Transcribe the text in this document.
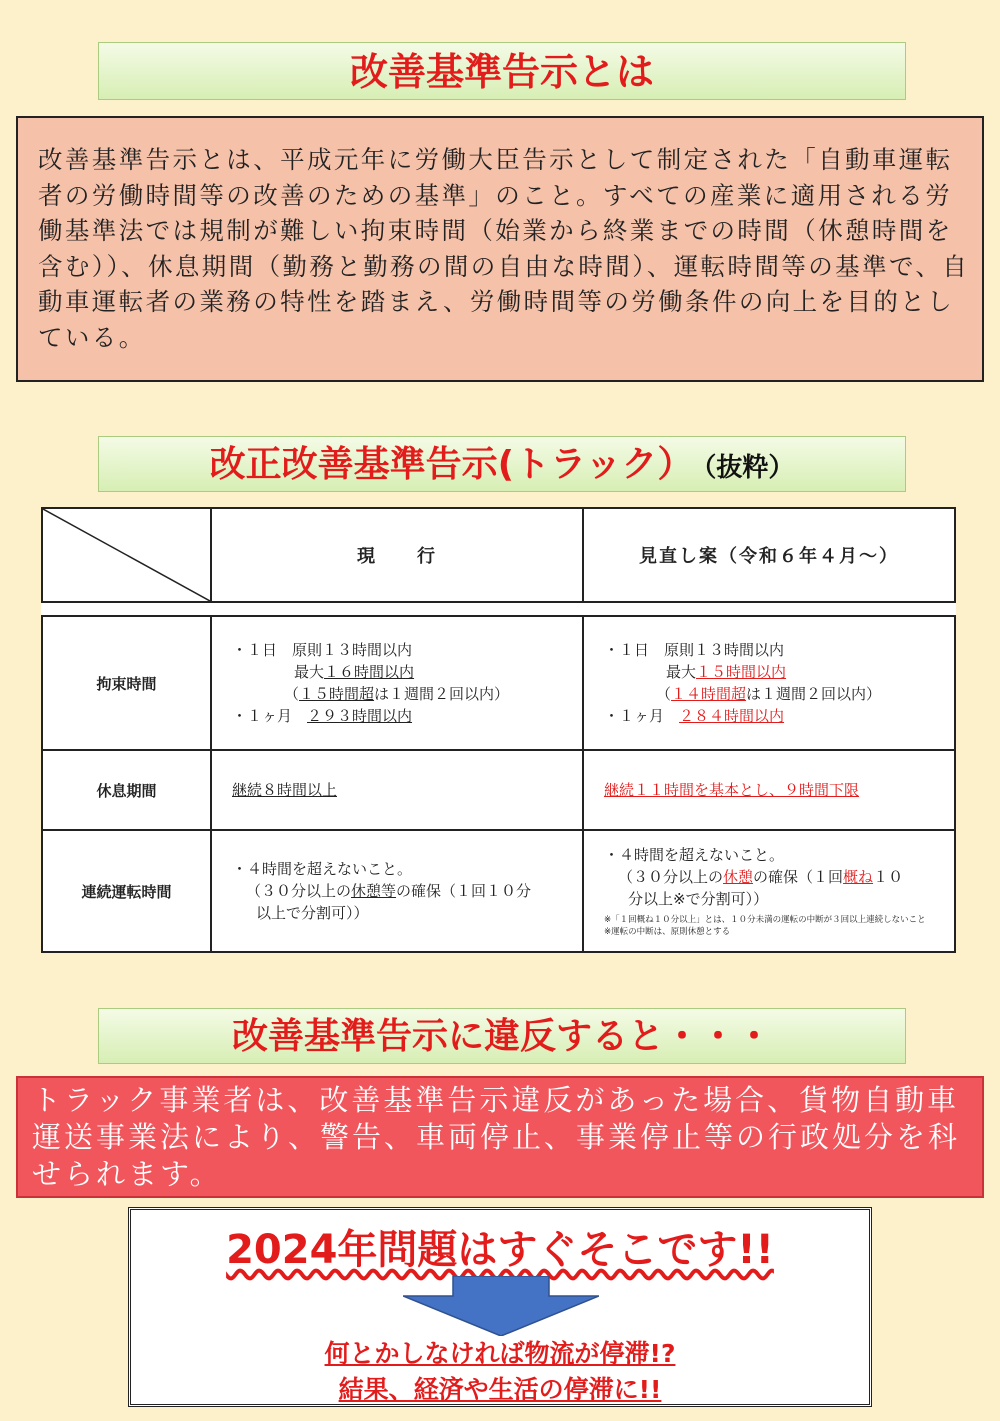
改善基準告示とは
改善基準告示とは、平成元年に労働大臣告示として制定された「自動車運転者の労働時間等の改善のための基準」のこと。すべての産業に適用される労働基準法では規制が難しい拘束時間（始業から終業までの時間（休憩時間を含む））、休息期間（勤務と勤務の間の自由な時間）、運転時間等の基準で、自動車運転者の業務の特性を踏まえ、労働時間等の労働条件の向上を目的としている。
改正改善基準告示(トラック） （抜粋）
	現　　行	見直し案（令和６年４月〜）

拘束時間	・１日　原則１３時間以内
最大１６時間以内
（１５時間超は１週間２回以内）
・１ヶ月　２９３時間以内	・１日　原則１３時間以内
最大１５時間以内
（１４時間超は１週間２回以内）
・１ヶ月　２８４時間以内

休息期間	継続８時間以上	継続１１時間を基本とし、９時間下限
連続運転時間	・４時間を超えないこと。
（３０分以上の休憩等の確保（１回１０分
以上で分割可））	・４時間を超えないこと。
（３０分以上の休憩の確保（１回概ね１０
分以上※で分割可））
※「１回概ね１０分以上」とは、１０分未満の運転の中断が３回以上連続しないこと
※運転の中断は、原則休憩とする
改善基準告示に違反すると・・・
トラック事業者は、改善基準告示違反があった場合、貨物自動車運送事業法により、警告、車両停止、事業停止等の行政処分を科せられます。
2024年問題はすぐそこです!!
何とかしなければ物流が停滞!?
結果、経済や生活の停滞に!!
